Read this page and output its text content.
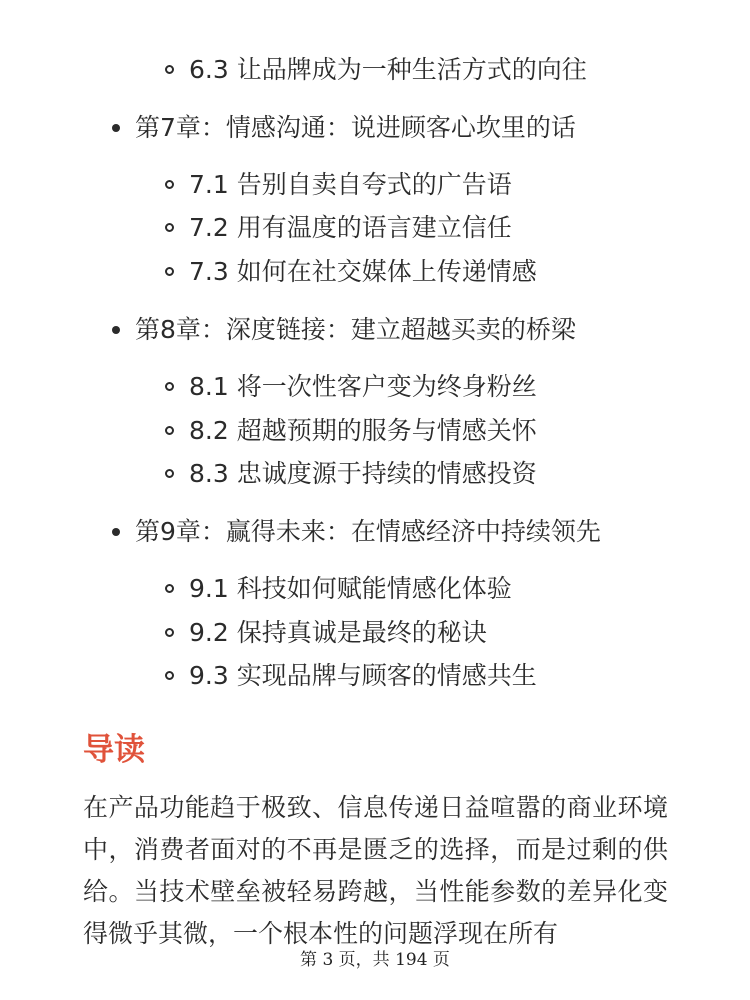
6.3 让品牌成为一种生活方式的向往
第7章：情感沟通：说进顾客心坎里的话
7.1 告别自卖自夸式的广告语
7.2 用有温度的语言建立信任
7.3 如何在社交媒体上传递情感
第8章：深度链接：建立超越买卖的桥梁
8.1 将一次性客户变为终身粉丝
8.2 超越预期的服务与情感关怀
8.3 忠诚度源于持续的情感投资
第9章：赢得未来：在情感经济中持续领先
9.1 科技如何赋能情感化体验
9.2 保持真诚是最终的秘诀
9.3 实现品牌与顾客的情感共生
导读
在产品功能趋于极致、信息传递日益喧嚣的商业环境中，消费者面对的不再是匮乏的选择，而是过剩的供给。当技术壁垒被轻易跨越，当性能参数的差异化变得微乎其微，一个根本性的问题浮现在所有
第 3 页，共 194 页
